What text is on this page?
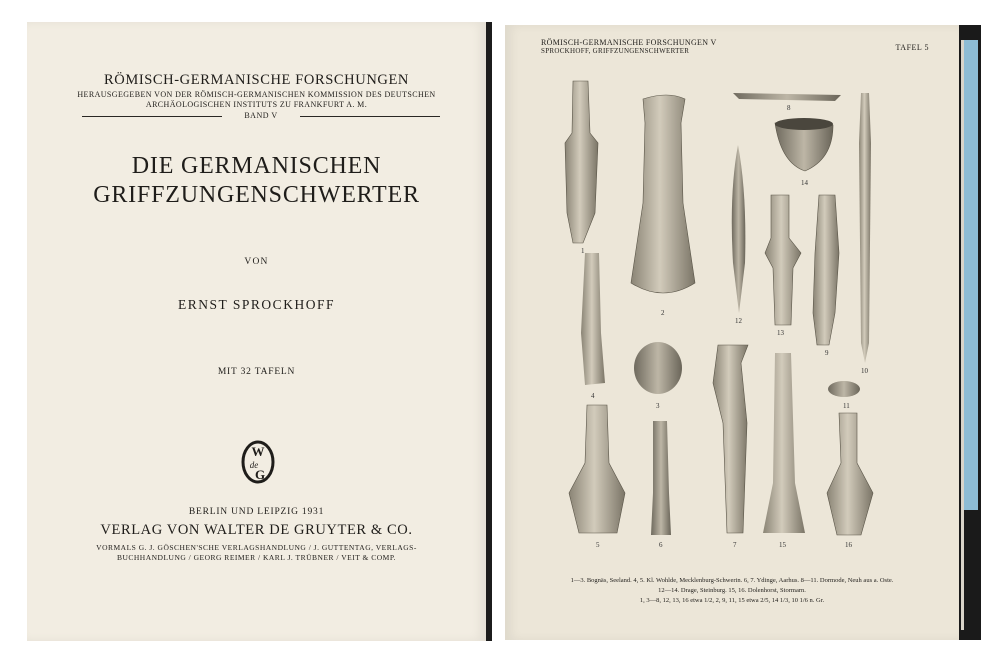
RÖMISCH-GERMANISCHE FORSCHUNGEN
HERAUSGEGEBEN VON DER RÖMISCH-GERMANISCHEN KOMMISSION DES DEUTSCHEN
ARCHÄOLOGISCHEN INSTITUTS ZU FRANKFURT A. M.
BAND V
DIE GERMANISCHEN
GRIFFZUNGENSCHWERTER
VON
ERNST SPROCKHOFF
MIT 32 TAFELN
W
de
G
BERLIN UND LEIPZIG 1931
VERLAG VON WALTER DE GRUYTER & CO.
VORMALS G. J. GÖSCHEN'SCHE VERLAGSHANDLUNG / J. GUTTENTAG, VERLAGS-
BUCHHANDLUNG / GEORG REIMER / KARL J. TRÜBNER / VEIT & COMP.
RÖMISCH-GERMANISCHE FORSCHUNGEN V
SPROCKHOFF, GRIFFZUNGENSCHWERTER	TAFEL 5
1
2
3
4
5	6	7
8
9
10
11
12
13
14
15	16
1—3. Bognäs, Seeland. 4, 5. Kl. Wohlde, Mecklenburg-Schwerin. 6, 7. Ydinge, Aarhus. 8—11. Dormode, Neuh aus a. Oste.
12—14. Drage, Steinburg. 15, 16. Dolenhorst, Stormarn.
1, 3—8, 12, 13, 16 etwa 1/2, 2, 9, 11, 15 etwa 2/5, 14 1/3, 10 1/6 n. Gr.
